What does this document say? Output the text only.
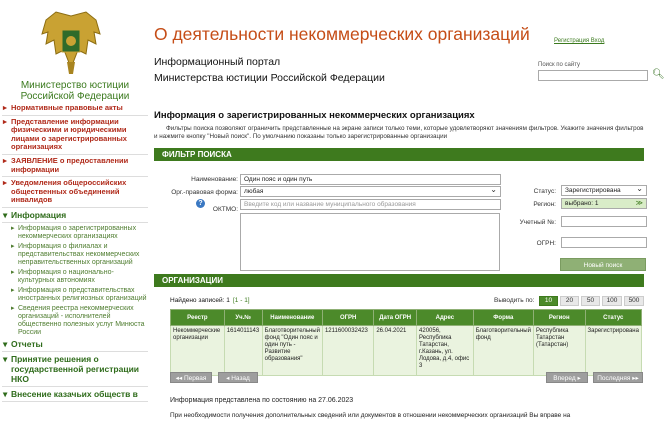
Министерство юстиции Российской Федерации
▸ Нормативные правовые акты
▸ Представление информации физическими и юридическими лицами о зарегистрированных организациях
▸ ЗАЯВЛЕНИЕ о предоставлении информации
▸ Уведомления общероссийских общественных объединений инвалидов
▾ Информация
▸ Информация о зарегистрированных некоммерческих организациях
▸ Информация о филиалах и представительствах некоммерческих неправительственных организаций
▸ Информация о национально-культурных автономиях
▸ Информация о представительствах иностранных религиозных организаций
▸ Сведения реестра некоммерческих организаций - исполнителей общественно полезных услуг Минюста России
▾ Отчеты
▾ Принятие решения о государственной регистрации НКО
▾ Внесение казачьих обществ в
О деятельности некоммерческих организаций	Регистрация Вход
Информационный портал
Министерства юстиции Российской Федерации
Поиск по сайту
🔍︎
Информация о зарегистрированных некоммерческих организациях
Фильтры поиска позволяют ограничить представленные на экране записи только теми, которые удовлетворяют значениям фильтров. Укажите значения фильтров и нажмите кнопку "Новый поиск". По умолчанию показаны только зарегистрированные организации
ФИЛЬТР ПОИСКА
Наименование: Один пояс и один путь
Орг.-правовая форма: любая ⌄
?
ОКТМО:
Введите код или название муниципального образования
Статус:	Зарегистрирована ⌄
Регион:	выбрано: 1	≫
Учетный №:
ОГРН:
Новый поиск
ОРГАНИЗАЦИИ
Найдено записей: 1 [1 - 1]	Выводить по:	10	20	50	100	500
Реестр	Уч.№	Наименование	ОГРН	Дата ОГРН	Адрес	Форма	Регион	Статус
Некоммерческие организации	1614011143	Благотворительный фонд "Один пояс и один путь - Развитие образования"	1211600032423	26.04.2021	420056, Республика Татарстан, г.Казань, ул. Лодова, д.4, офис 3	Благотворительный фонд	Республика Татарстан (Татарстан)	Зарегистрирована
◂◂ Первая	◂ Назад	Вперед ▸	Последняя ▸▸
Информация представлена по состоянию на 27.06.2023
При необходимости получения дополнительных сведений или документов в отношении некоммерческих организаций Вы вправе на
